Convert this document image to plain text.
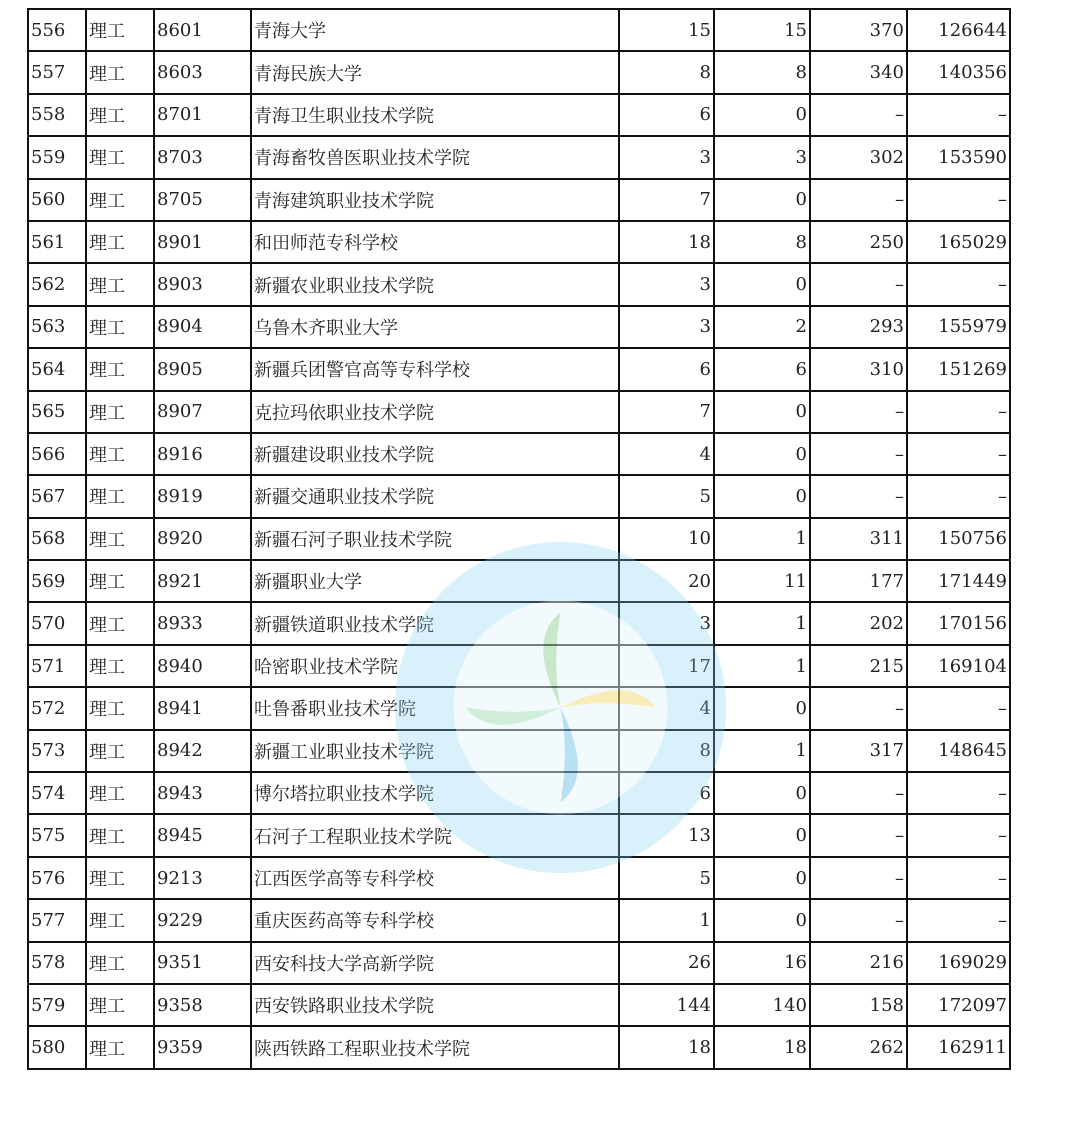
556	理工	8601	青海大学	15	15	370	126644
557	理工	8603	青海民族大学	8	8	340	140356
558	理工	8701	青海卫生职业技术学院	6	0	–	–
559	理工	8703	青海畜牧兽医职业技术学院	3	3	302	153590
560	理工	8705	青海建筑职业技术学院	7	0	–	–
561	理工	8901	和田师范专科学校	18	8	250	165029
562	理工	8903	新疆农业职业技术学院	3	0	–	–
563	理工	8904	乌鲁木齐职业大学	3	2	293	155979
564	理工	8905	新疆兵团警官高等专科学校	6	6	310	151269
565	理工	8907	克拉玛依职业技术学院	7	0	–	–
566	理工	8916	新疆建设职业技术学院	4	0	–	–
567	理工	8919	新疆交通职业技术学院	5	0	–	–
568	理工	8920	新疆石河子职业技术学院	10	1	311	150756
569	理工	8921	新疆职业大学	20	11	177	171449
570	理工	8933	新疆铁道职业技术学院	3	1	202	170156
571	理工	8940	哈密职业技术学院	17	1	215	169104
572	理工	8941	吐鲁番职业技术学院	4	0	–	–
573	理工	8942	新疆工业职业技术学院	8	1	317	148645
574	理工	8943	博尔塔拉职业技术学院	6	0	–	–
575	理工	8945	石河子工程职业技术学院	13	0	–	–
576	理工	9213	江西医学高等专科学校	5	0	–	–
577	理工	9229	重庆医药高等专科学校	1	0	–	–
578	理工	9351	西安科技大学高新学院	26	16	216	169029
579	理工	9358	西安铁路职业技术学院	144	140	158	172097
580	理工	9359	陕西铁路工程职业技术学院	18	18	262	162911
